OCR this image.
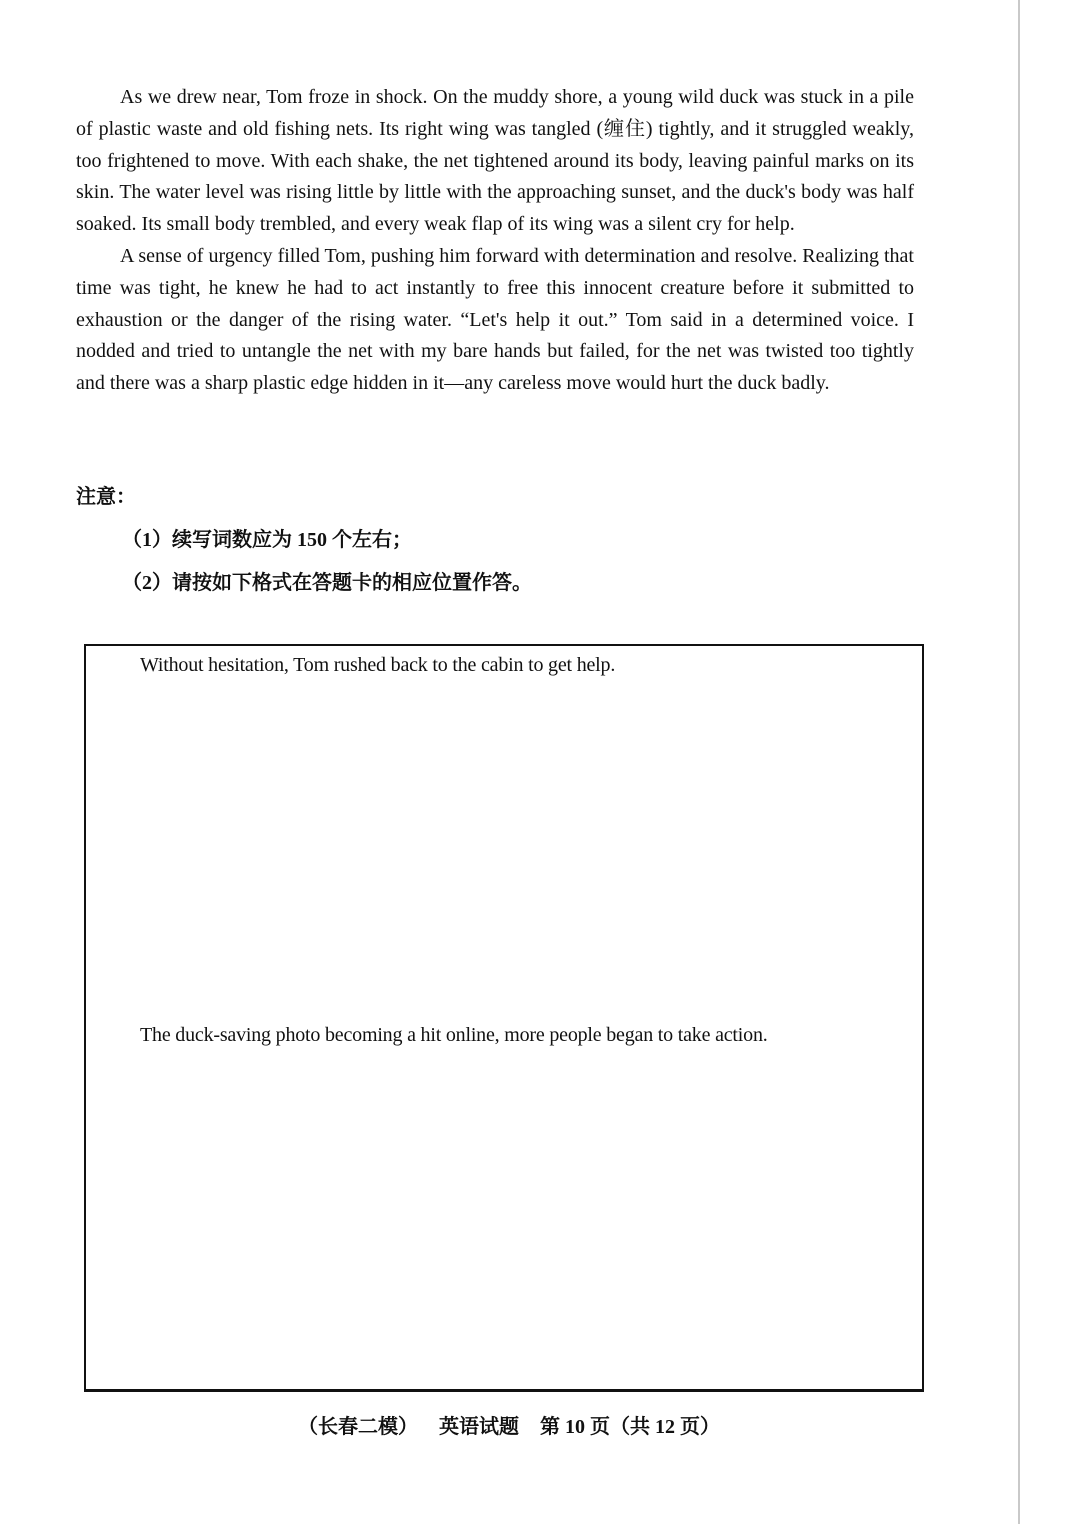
As we drew near, Tom froze in shock. On the muddy shore, a young wild duck was stuck in a pile of plastic waste and old fishing nets. Its right wing was tangled (缠住) tightly, and it struggled weakly, too frightened to move. With each shake, the net tightened around its body, leaving painful marks on its skin. The water level was rising little by little with the approaching sunset, and the duck's body was half soaked. Its small body trembled, and every weak flap of its wing was a silent cry for help.

A sense of urgency filled Tom, pushing him forward with determination and resolve. Realizing that time was tight, he knew he had to act instantly to free this innocent creature before it submitted to exhaustion or the danger of the rising water. “Let's help it out.” Tom said in a determined voice. I nodded and tried to untangle the net with my bare hands but failed, for the net was twisted too tightly and there was a sharp plastic edge hidden in it—any careless move would hurt the duck badly.

注意：
（1）续写词数应为 150 个左右；
（2）请按如下格式在答题卡的相应位置作答。
Without hesitation, Tom rushed back to the cabin to get help.
The duck-saving photo becoming a hit online, more people began to take action.
（长春二模） 英语试题 第 10 页（共 12 页）
